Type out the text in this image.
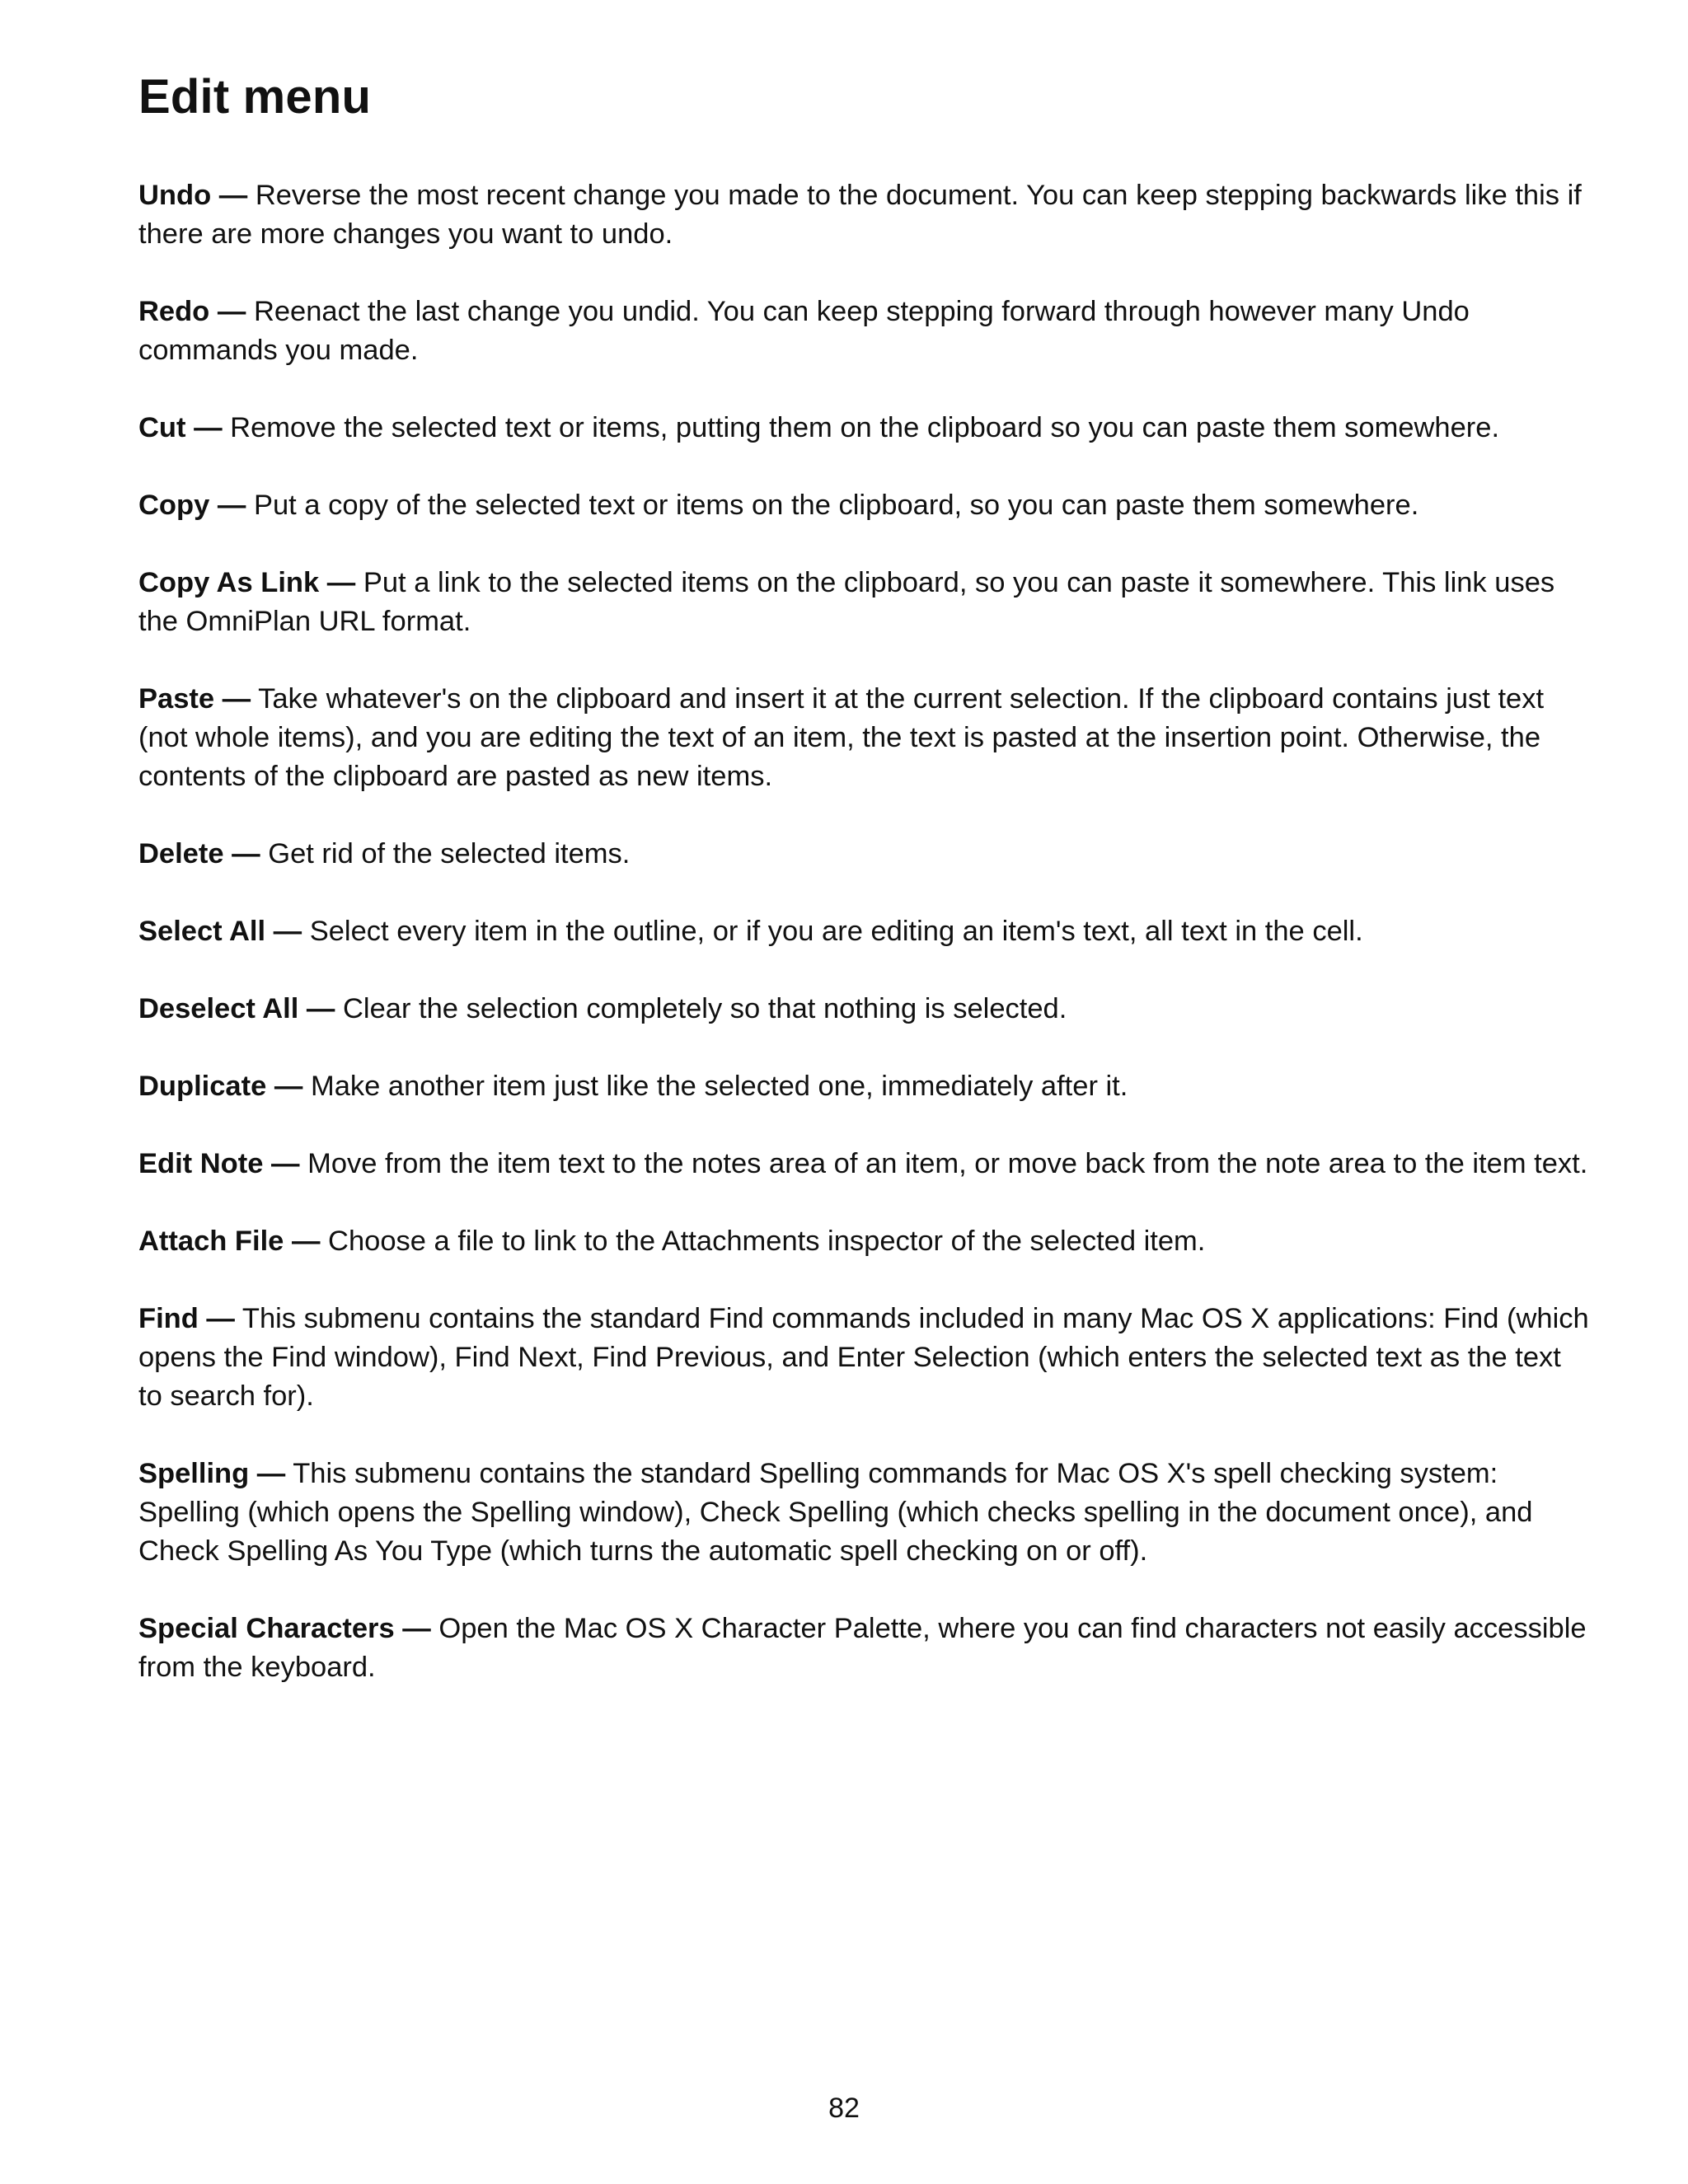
Edit menu

Undo — Reverse the most recent change you made to the document. You can keep stepping backwards like this if there are more changes you want to undo.

Redo — Reenact the last change you undid. You can keep stepping forward through however many Undo commands you made.

Cut — Remove the selected text or items, putting them on the clipboard so you can paste them somewhere.

Copy — Put a copy of the selected text or items on the clipboard, so you can paste them somewhere.

Copy As Link — Put a link to the selected items on the clipboard, so you can paste it somewhere. This link uses the OmniPlan URL format.

Paste — Take whatever's on the clipboard and insert it at the current selection. If the clipboard contains just text (not whole items), and you are editing the text of an item, the text is pasted at the insertion point. Otherwise, the contents of the clipboard are pasted as new items.

Delete — Get rid of the selected items.

Select All — Select every item in the outline, or if you are editing an item's text, all text in the cell.

Deselect All — Clear the selection completely so that nothing is selected.

Duplicate — Make another item just like the selected one, immediately after it.

Edit Note — Move from the item text to the notes area of an item, or move back from the note area to the item text.

Attach File — Choose a file to link to the Attachments inspector of the selected item.

Find — This submenu contains the standard Find commands included in many Mac OS X applications: Find (which opens the Find window), Find Next, Find Previous, and Enter Selection (which enters the selected text as the text to search for).

Spelling — This submenu contains the standard Spelling commands for Mac OS X's spell checking system: Spelling (which opens the Spelling window), Check Spelling (which checks spelling in the document once), and Check Spelling As You Type (which turns the automatic spell checking on or off).

Special Characters — Open the Mac OS X Character Palette, where you can find characters not easily accessible from the keyboard.

82
